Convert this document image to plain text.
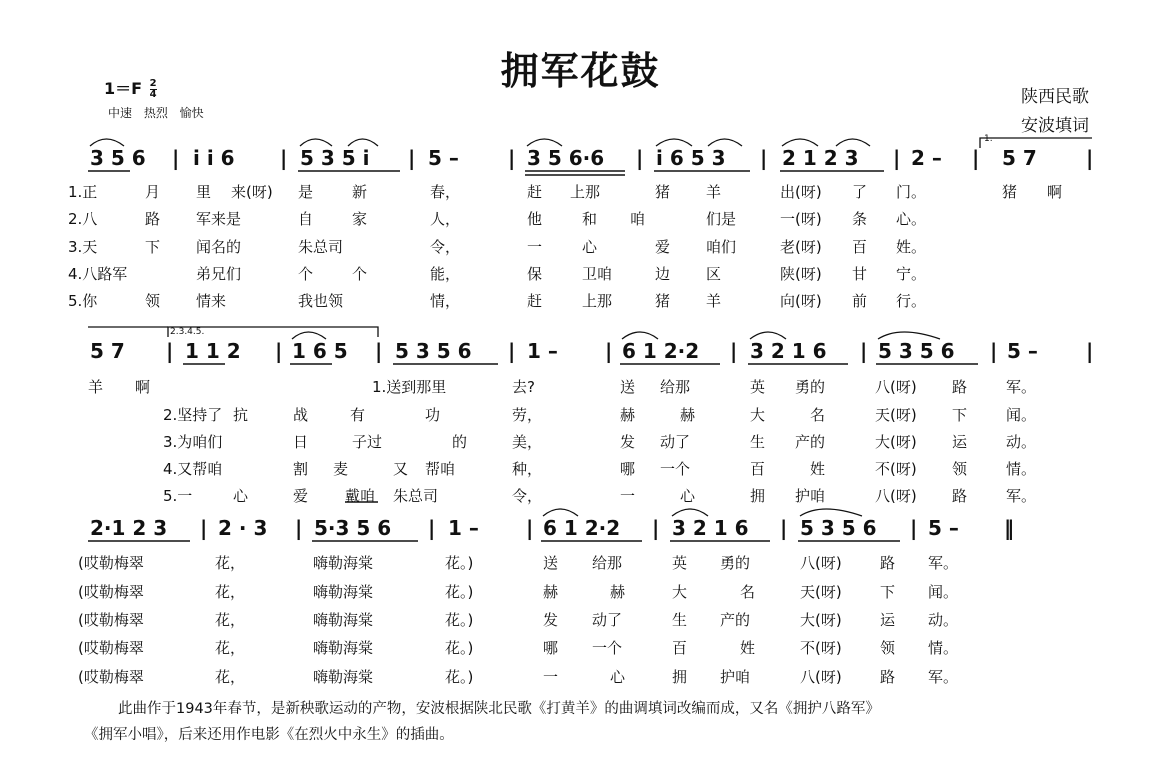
拥军花鼓
$1=F \frac{2}{4}$
中速 热烈 愉快
陕西民歌
安波填词
3 5 6 | i i 6 | 5 3 5 i | 5 – | 3 5 6·6 | i 6 5 3 | 2 1 2 3 | 2 – | 5 7 |
1.
1.正	月 里 来(呀) 是	新	春，	赶 上那	猪 羊	出(呀) 了 门。	猪 啊
2.八	路 军来是	自	家	人，	他	和 咱	们是	一(呀) 条 心。
3.天	下 闻名的	朱总司	令，	一	心	爱 咱们	老(呀) 百 姓。
4.八路军	弟兄们	个	个	能，	保	卫咱	边 区	陕(呀) 甘 宁。
5.你	领 情来	我也领	情，	赶	上那	猪 羊	向(呀) 前 行。
5 7 | 1 1 2 | 1 6 5 | 5 3 5 6 | 1 – | 6 1 2·2 | 3 2 1 6 | 5 3 5 6 | 5 – |
2.3.4.5.
羊 啊	1.送到那里	去?	送 给那	英 勇的	八(呀) 路	军。
2.坚持了 抗	战	有	功	劳，	赫	赫	大	名	天(呀) 下	闻。
3.为咱们	日	子过	的	美，	发 动了	生 产的	大(呀) 运	动。
4.又帮咱	割 麦	又 帮咱	种，	哪 一个	百	姓	不(呀) 领	情。
5.一	心	爱 戴咱 朱总司	令，	一	心	拥 护咱	八(呀) 路	军。
2·1 2 3 | 2 · 3 | 5·3 5 6 | 1 – | 6 1 2·2 | 3 2 1 6 | 5 3 5 6 | 5 – ‖
(哎勒梅翠	花，	嗨勒海棠	花。)	送 给那	英 勇的	八(呀)	路 军。
(哎勒梅翠	花，	嗨勒海棠	花。)	赫	赫	大	名	天(呀)	下 闻。
(哎勒梅翠	花，	嗨勒海棠	花。)	发 动了	生 产的	大(呀)	运 动。
(哎勒梅翠	花，	嗨勒海棠	花。)	哪 一个	百	姓	不(呀)	领 情。
(哎勒梅翠	花，	嗨勒海棠	花。)	一	心	拥 护咱	八(呀)	路 军。
此曲作于1943年春节，是新秧歌运动的产物，安波根据陕北民歌《打黄羊》的曲调填词改编而成，又名《拥护八路军》
《拥军小唱》，后来还用作电影《在烈火中永生》的插曲。
